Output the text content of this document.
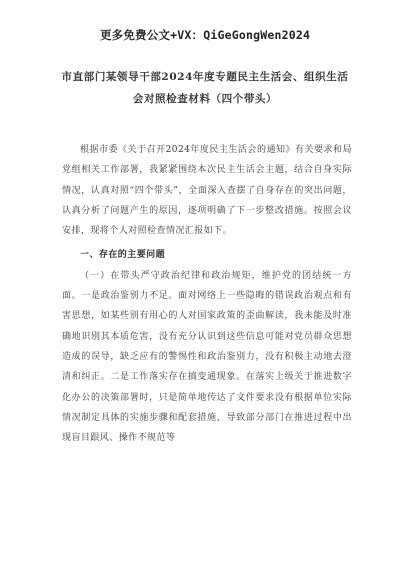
更多免费公文+VX：QiGeGongWen2024
市直部门某领导干部2024年度专题民主生活会、组织生活会对照检查材料（四个带头）

根据市委《关于召开2024年度民主生活会的通知》有关要求和局党组相关工作部署，我紧紧围绕本次民主生活会主题，结合自身实际情况，认真对照“四个带头”，全面深入查摆了自身存在的突出问题，认真分析了问题产生的原因，逐项明确了下一步整改措施。按照会议安排，现将个人对照检查情况汇报如下。

一、存在的主要问题

（一）在带头严守政治纪律和政治规矩，维护党的团结统一方面。一是政治鉴别力不足。面对网络上一些隐晦的错误政治观点和有害思想，如某些别有用心的人对国家政策的歪曲解读，我未能及时准确地识别其本质危害，没有充分认识到这些信息可能对党员群众思想造成的误导，缺乏应有的警惕性和政治鉴别力，没有积极主动地去澄清和纠正。二是工作落实存在搞变通现象。在落实上级关于推进数字化办公的决策部署时，只是简单地传达了文件要求没有根据单位实际情况制定具体的实施步骤和配套措施，导致部分部门在推进过程中出现盲目跟风、操作不规范等
